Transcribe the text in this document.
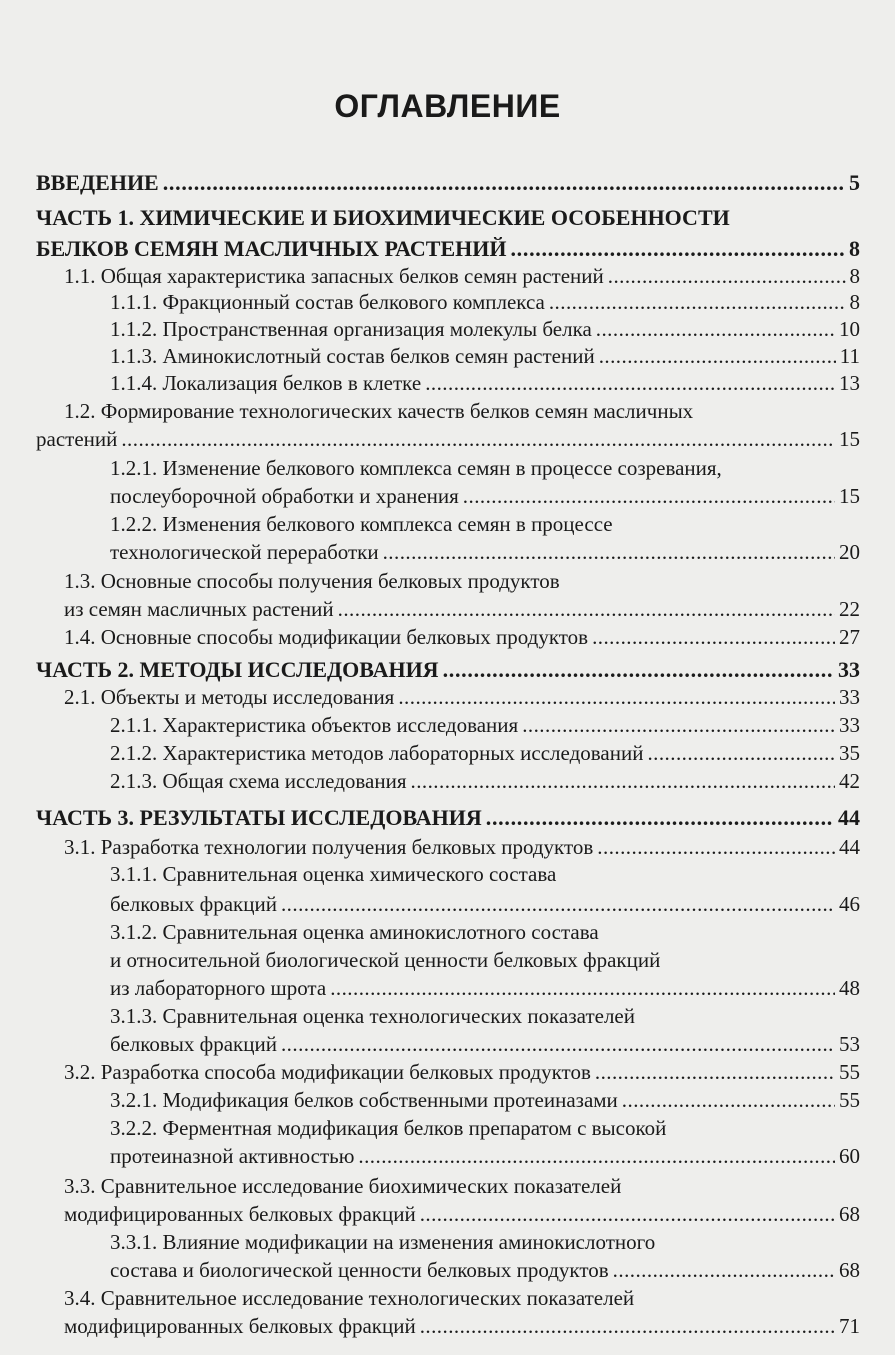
ОГЛАВЛЕНИЕ
ВВЕДЕНИЕ . . .	5
ЧАСТЬ 1. ХИМИЧЕСКИЕ И БИОХИМИЧЕСКИЕ ОСОБЕННОСТИ
БЕЛКОВ СЕМЯН МАСЛИЧНЫХ РАСТЕНИЙ . . .	8
1.1. Общая характеристика запасных белков семян растений . . .	8
1.1.1. Фракционный состав белкового комплекса . . .	8
1.1.2. Пространственная организация молекулы белка . . .	10
1.1.3. Аминокислотный состав белков семян растений . . .	11
1.1.4. Локализация белков в клетке . . .	13
1.2. Формирование технологических качеств белков семян масличных
растений . . .	15
1.2.1. Изменение белкового комплекса семян в процессе созревания,
послеуборочной обработки и хранения . . .	15
1.2.2. Изменения белкового комплекса семян в процессе
технологической переработки . . .	20
1.3. Основные способы получения белковых продуктов
из семян масличных растений . . .	22
1.4. Основные способы модификации белковых продуктов . . .	27
ЧАСТЬ 2. МЕТОДЫ ИССЛЕДОВАНИЯ . . .	33
2.1. Объекты и методы исследования . . .	33
2.1.1. Характеристика объектов исследования . . .	33
2.1.2. Характеристика методов лабораторных исследований . . .	35
2.1.3. Общая схема исследования . . .	42
ЧАСТЬ 3. РЕЗУЛЬТАТЫ ИССЛЕДОВАНИЯ . . .	44
3.1. Разработка технологии получения белковых продуктов . . .	44
3.1.1. Сравнительная оценка химического состава
белковых фракций . . .	46
3.1.2. Сравнительная оценка аминокислотного состава
и относительной биологической ценности белковых фракций
из лабораторного шрота . . .	48
3.1.3. Сравнительная оценка технологических показателей
белковых фракций . . .	53
3.2. Разработка способа модификации белковых продуктов . . .	55
3.2.1. Модификация белков собственными протеиназами . . .	55
3.2.2. Ферментная модификация белков препаратом с высокой
протеиназной активностью . . .	60
3.3. Сравнительное исследование биохимических показателей
модифицированных белковых фракций . . .	68
3.3.1. Влияние модификации на изменения аминокислотного
состава и биологической ценности белковых продуктов . . .	68
3.4. Сравнительное исследование технологических показателей
модифицированных белковых фракций . . .	71
